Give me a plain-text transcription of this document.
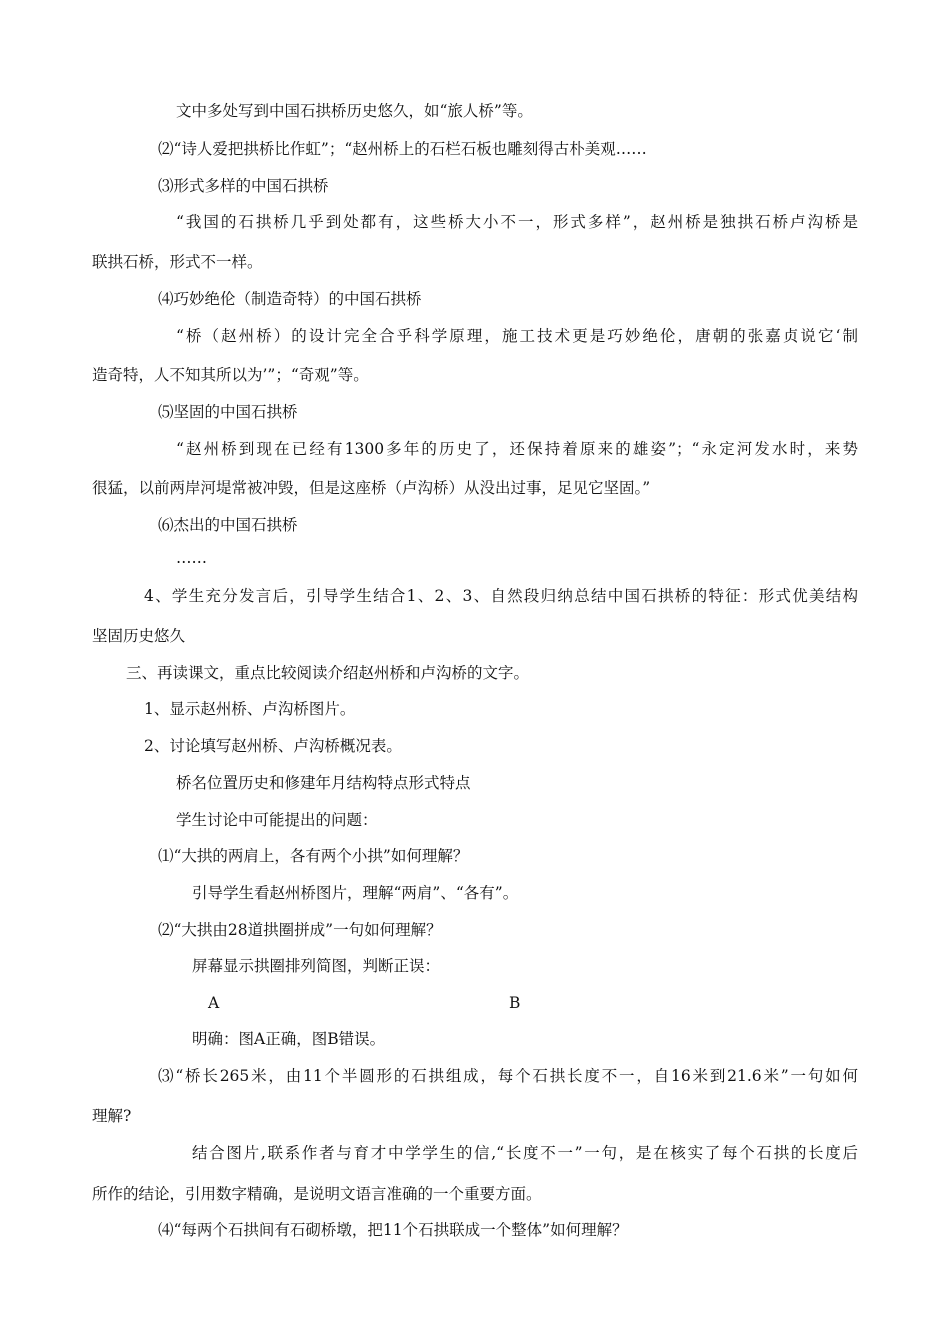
文中多处写到中国石拱桥历史悠久，如“旅人桥”等。
⑵“诗人爱把拱桥比作虹”；“赵州桥上的石栏石板也雕刻得古朴美观……
⑶形式多样的中国石拱桥
“我国的石拱桥几乎到处都有，这些桥大小不一，形式多样”，赵州桥是独拱石桥卢沟桥是
联拱石桥，形式不一样。
⑷巧妙绝伦（制造奇特）的中国石拱桥
“桥（赵州桥）的设计完全合乎科学原理，施工技术更是巧妙绝伦，唐朝的张嘉贞说它‘制
造奇特，人不知其所以为’”；“奇观”等。
⑸坚固的中国石拱桥
“赵州桥到现在已经有1300多年的历史了，还保持着原来的雄姿”；“永定河发水时，来势
很猛，以前两岸河堤常被冲毁，但是这座桥（卢沟桥）从没出过事，足见它坚固。”
⑹杰出的中国石拱桥
……
4、学生充分发言后，引导学生结合1、2、3、自然段归纳总结中国石拱桥的特征：形式优美结构
坚固历史悠久
三、再读课文，重点比较阅读介绍赵州桥和卢沟桥的文字。
1、显示赵州桥、卢沟桥图片。
2、讨论填写赵州桥、卢沟桥概况表。
桥名位置历史和修建年月结构特点形式特点
学生讨论中可能提出的问题：
⑴“大拱的两肩上，各有两个小拱”如何理解？
引导学生看赵州桥图片，理解“两肩”、“各有”。
⑵“大拱由28道拱圈拼成”一句如何理解？
屏幕显示拱圈排列简图，判断正误：
A	B
明确：图A正确，图B错误。
⑶“桥长265米，由11个半圆形的石拱组成，每个石拱长度不一，自16米到21.6米”一句如何
理解?
结合图片,联系作者与育才中学学生的信,“长度不一”一句，是在核实了每个石拱的长度后
所作的结论，引用数字精确，是说明文语言准确的一个重要方面。
⑷“每两个石拱间有石砌桥墩，把11个石拱联成一个整体”如何理解？
